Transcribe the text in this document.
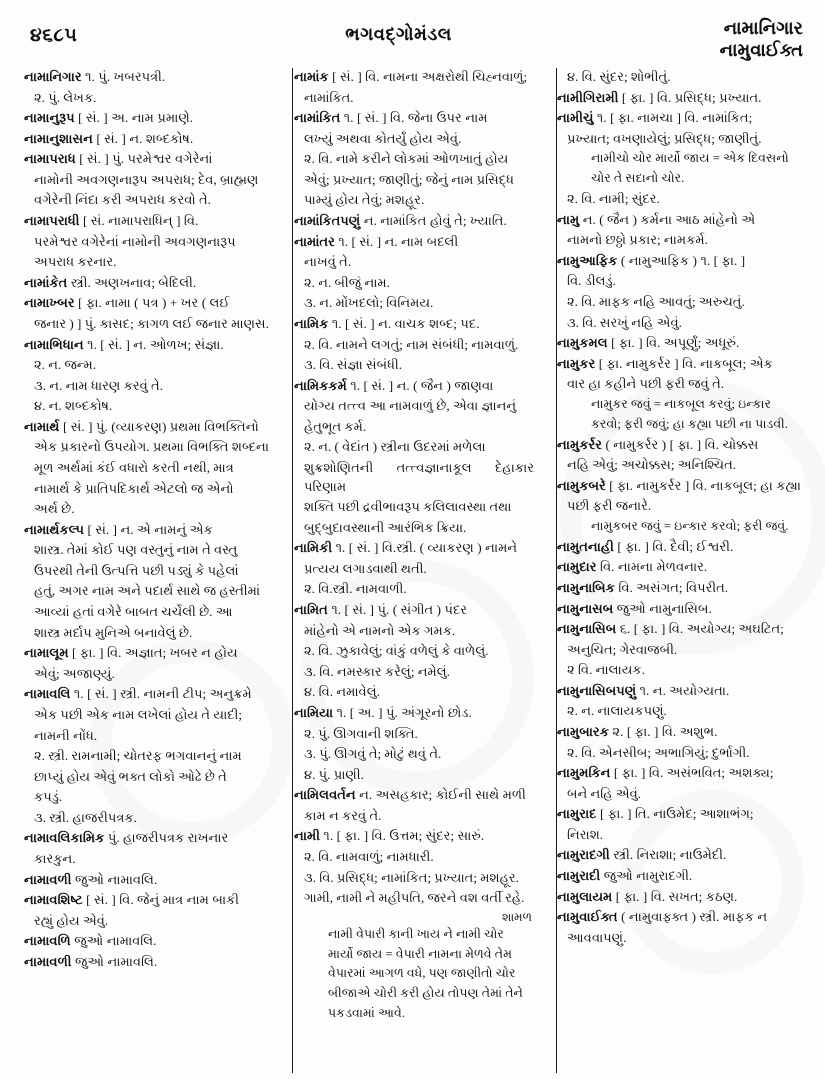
૪૬૮૫	ભગવદ્ગોમંડલ	નામાનિગાર
નામુવાઈક્ત

નામાનિગાર ૧. પું. ખબરપત્રી.

૨. પું. લેખક.

નામાનુરૂપ [ સં. ] અ. નામ પ્રમાણે.

નામાનુશાસન [ સં. ] ન. શબ્દકોષ.

નામાપરાધ [ સં. ] પું. પરમેશ્વર વગેરેનાં

નામોની અવગણનારૂપ અપરાધ; દેવ, બ્રાહ્મણ

વગેરેની નિંદા કરી અપરાધ કરવો તે.

નામાપરાધી [ સં. નામાપરાધિન્ ] વિ.

પરમેશ્વર વગેરેનાં નામોની અવગણનારૂપ

અપરાધ કરનાર.

નામાંકેત સ્ત્રી. અણખનાવ; બેદિલી.

નામાખ્બર [ ફા. નામા ( પત્ર ) + ખર ( લઈ

જનાર ) ] પું. કાસદ; કાગળ લઈ જનાર માણસ.

નામાભિધાન ૧. [ સં. ] ન. ઓળખ; સંજ્ઞા.

૨. ન. જન્મ.

૩. ન. નામ ધારણ કરવું તે.

૪. ન. શબ્દકોષ.

નામાર્થ [ સં. ] પું. (વ્યાકરણ) પ્રથમા વિભક્તિનો

એક પ્રકારનો ઉપયોગ. પ્રથમા વિભક્તિ શબ્દના

મૂળ અર્થમાં કંઈ વધારો કરતી નથી, માત્ર

નામાર્થ કે પ્રાતિપદિકાર્થ એટલો જ એનો

અર્થ છે.

નામાર્થકલ્પ [ સં. ] ન. એ નામનું એક

શાસ્ત્ર. તેમાં કોઈ પણ વસ્તુનું નામ તે વસ્તુ

ઉપરથી તેની ઉત્પત્તિ પછી પડ્યું કે પહેલાં

હતું, અગર નામ અને પદાર્થ સાથે જ હસ્તીમાં

આવ્યાં હતાં વગેરે બાબત ચર્ચેલી છે. આ

શાસ્ત્ર મર્દાપ મુનિએ બનાવેલું છે.

નામાલૂમ [ ફા. ] વિ. અજ્ઞાત; ખબર ન હોય

એવું; અજાણ્યું.

નામાવલિ ૧. [ સં. ] સ્ત્રી. નામની ટીપ; અનુક્રમે

એક પછી એક નામ લખેલાં હોય તે યાદી;

નામની નોંધ.

૨. સ્ત્રી. રામનામી; ચોતરફ ભગવાનનું નામ

છાપ્યું હોય એવું ભક્ત લોકો ઓઢે છે તે

કપડું.

૩. સ્ત્રી. હાજરીપત્રક.

નામાવલિકામિક પું. હાજરીપત્રક રાખનાર

કારકુન.

નામાવળી જુઓ નામાવલિ.

નામાવશિષ્ટ [ સં. ] વિ. જેનું માત્ર નામ બાકી

રહ્યું હોય એવું.

નામાવળિ જુઓ નામાવલિ.

નામાવળી જુઓ નામાવલિ.

નામાંક [ સં. ] વિ. નામના અક્ષરોથી ચિહ્નવાળું;

નામાંકિત.

નામાંકિત ૧. [ સં. ] વિ. જેના ઉપર નામ

લખ્યું અથવા કોતર્યું હોય એવું.

૨. વિ. નામે કરીને લોકમાં ઓળખાતું હોય

એવું; પ્રખ્યાત; જાણીતું; જેનું નામ પ્રસિદ્ધ

પામ્યું હોય તેવું; મશહૂર.

નામાંકિતપણું ન. નામાંકિત હોવું તે; ખ્યાતિ.

નામાંતર ૧. [ સં. ] ન. નામ બદલી

નાખવું તે.

૨. ન. બીજું નામ.

૩. ન. મોંખદલો; વિનિમય.

નામિક ૧. [ સં. ] ન. વાચક શબ્દ; પદ.

૨. વિ. નામને લગતું; નામ સંબંધી; નામવાળું.

૩. વિ. સંજ્ઞા સંબંધી.

નામિકકર્મ ૧. [ સં. ] ન. ( જૈન ) જાણવા

યોગ્ય તત્ત્વ આ નામવાળું છે, એવા જ્ઞાનનું

હેતુભૂત કર્મ.

૨. ન. ( વેદાંત ) સ્ત્રીના ઉદરમાં મળેલા

શુક્રશોણિતની તત્ત્વજ્ઞાનાકૂલ દેહાકાર પરિણામ

શક્તિ પછી દ્રવીભાવરૂપ કલિલાવસ્થા તથા

બુદ્બુદાવસ્થાની આરંભિક ક્રિયા.

નામિકી ૧. [ સં. ] વિ.સ્ત્રી. ( વ્યાકરણ ) નામને

પ્રત્યય લગાડવાથી થતી.

૨. વિ.સ્ત્રી. નામવાળી.

નામિત ૧. [ સં. ] પું. ( સંગીત ) પંદર

માંહેનો એ નામનો એક ગમક.

૨. વિ. ઝુકાવેલું; વાંકું વળેલું કે વાળેલું.

૩. વિ. નમસ્કાર કરેલું; નમેલું.

૪. વિ. નમાવેલું.

નામિયા ૧. [ અ. ] પું. અંગૂરનો છોડ.

૨. પું. ઊગવાની શક્તિ.

૩. પું. ઊગવું તે; મોટું થવું તે.

૪. પું. પ્રાણી.

નામિલવર્તન ન. અસહકાર; કોઈની સાથે મળી

કામ ન કરવું તે.

નામી ૧. [ ફા. ] વિ. ઉત્તમ; સુંદર; સારું.

૨. વિ. નામવાળું; નામધારી.

૩. વિ. પ્રસિદ્ધ; નામાંકિત; પ્રખ્યાત; મશહૂર.

ગામી, નામી ને મહીપતિ, જરને વશ વર્તી રહે.

શામળ

નામી વેપારી કાની ખાય ને નામી ચોર

માર્યો જાય = વેપારી નામના મેળવે તેમ

વેપારમાં આગળ વધે, પણ જાણીતો ચોર

બીજાએ ચોરી કરી હોય તોપણ તેમાં તેને

પકડવામાં આવે.

૪. વિ. સુંદર; શોભીતું.

નામીગિરામી [ ફા. ] વિ. પ્રસિદ્ધ; પ્રખ્યાત.

નામીચું ૧. [ ફા. નામચા ] વિ. નામાંકિત;

પ્રખ્યાત; વખણાયેલું; પ્રસિદ્ધ; જાણીતું.

નામીચો ચોર માર્યો જાય = એક દિવસનો

ચોર તે સદાનો ચોર.

૨. વિ. નામી; સુંદર.

નામુ ન. ( જૈન ) કર્મના આઠ માંહેનો એ

નામનો છઠ્ઠો પ્રકાર; નામકર્મ.

નામુઆફિક ( નામુઆફિક ) ૧. [ ફા. ]

વિ. ડીલડું.

૨. વિ. માફક નહિ આવતું; અરુચતું.

૩. વિ. સરખું નહિ એવું.

નામુકમલ [ ફા. ] વિ. અપૂર્ણું; અધૂરું.

નામુકર [ ફા. નામુકર્રર ] વિ. નાકબૂલ; એક

વાર હા કહીને પછી ફરી જવું તે.

નામુકર જવું = નાકબૂલ કરવું; ઇન્કાર

કરવો; ફરી જવું; હા કહ્યા પછી ના પાડવી.

નામુકર્રર ( નામુકર્રર ) [ ફા. ] વિ. ચોક્કસ

નહિ એવું; અચોક્કસ; અનિશ્ચિત.

નામુકબરે [ ફા. નામુકર્રર ] વિ. નાકબૂલ; હા કહ્યા

પછી ફરી જનારે.

નામુકબર જવું = ઇન્કાર કરવો; ફરી જવું.

નામુતનાહી [ ફા. ] વિ. દૈવી; ઈશ્વરી.

નામુદાર વિ. નામના મેળવનાર.

નામુનાબિક વિ. અસંગત; વિપરીત.

નામુનાસબ જુઓ નામુનાસિબ.

નામુનાસિબ ૬. [ ફા. ] વિ. અયોગ્ય; અઘટિત;

અનુચિત; ગેરવાજબી.

૨ વિ. નાલાયક.

નામુનાસિબપણું ૧. ન. અયોગ્યતા.

૨. ન. નાલાયકપણું.

નામુબારક ૨. [ ફા. ] વિ. અશુભ.

૨. વિ. એનસીબ; અભાગિયું; દુર્ભાગી.

નામુમકિન [ ફા. ] વિ. અસંભવિત; અશક્ય;

બને નહિ એવું.

નામુરાદ [ ફા. ] તિ. નાઉમેદ; આશાભંગ;

નિરાશ.

નામુરાદગી સ્ત્રી. નિરાશા; નાઉમેદી.

નામુરાદી જુઓ નામુરાદગી.

નામુલાયમ [ ફા. ] વિ. સખત; કઠણ.

નામુવાઈક્ત ( નામુવાફ્ક્ત ) સ્ત્રી. માફક ન

આવવાપણું.
